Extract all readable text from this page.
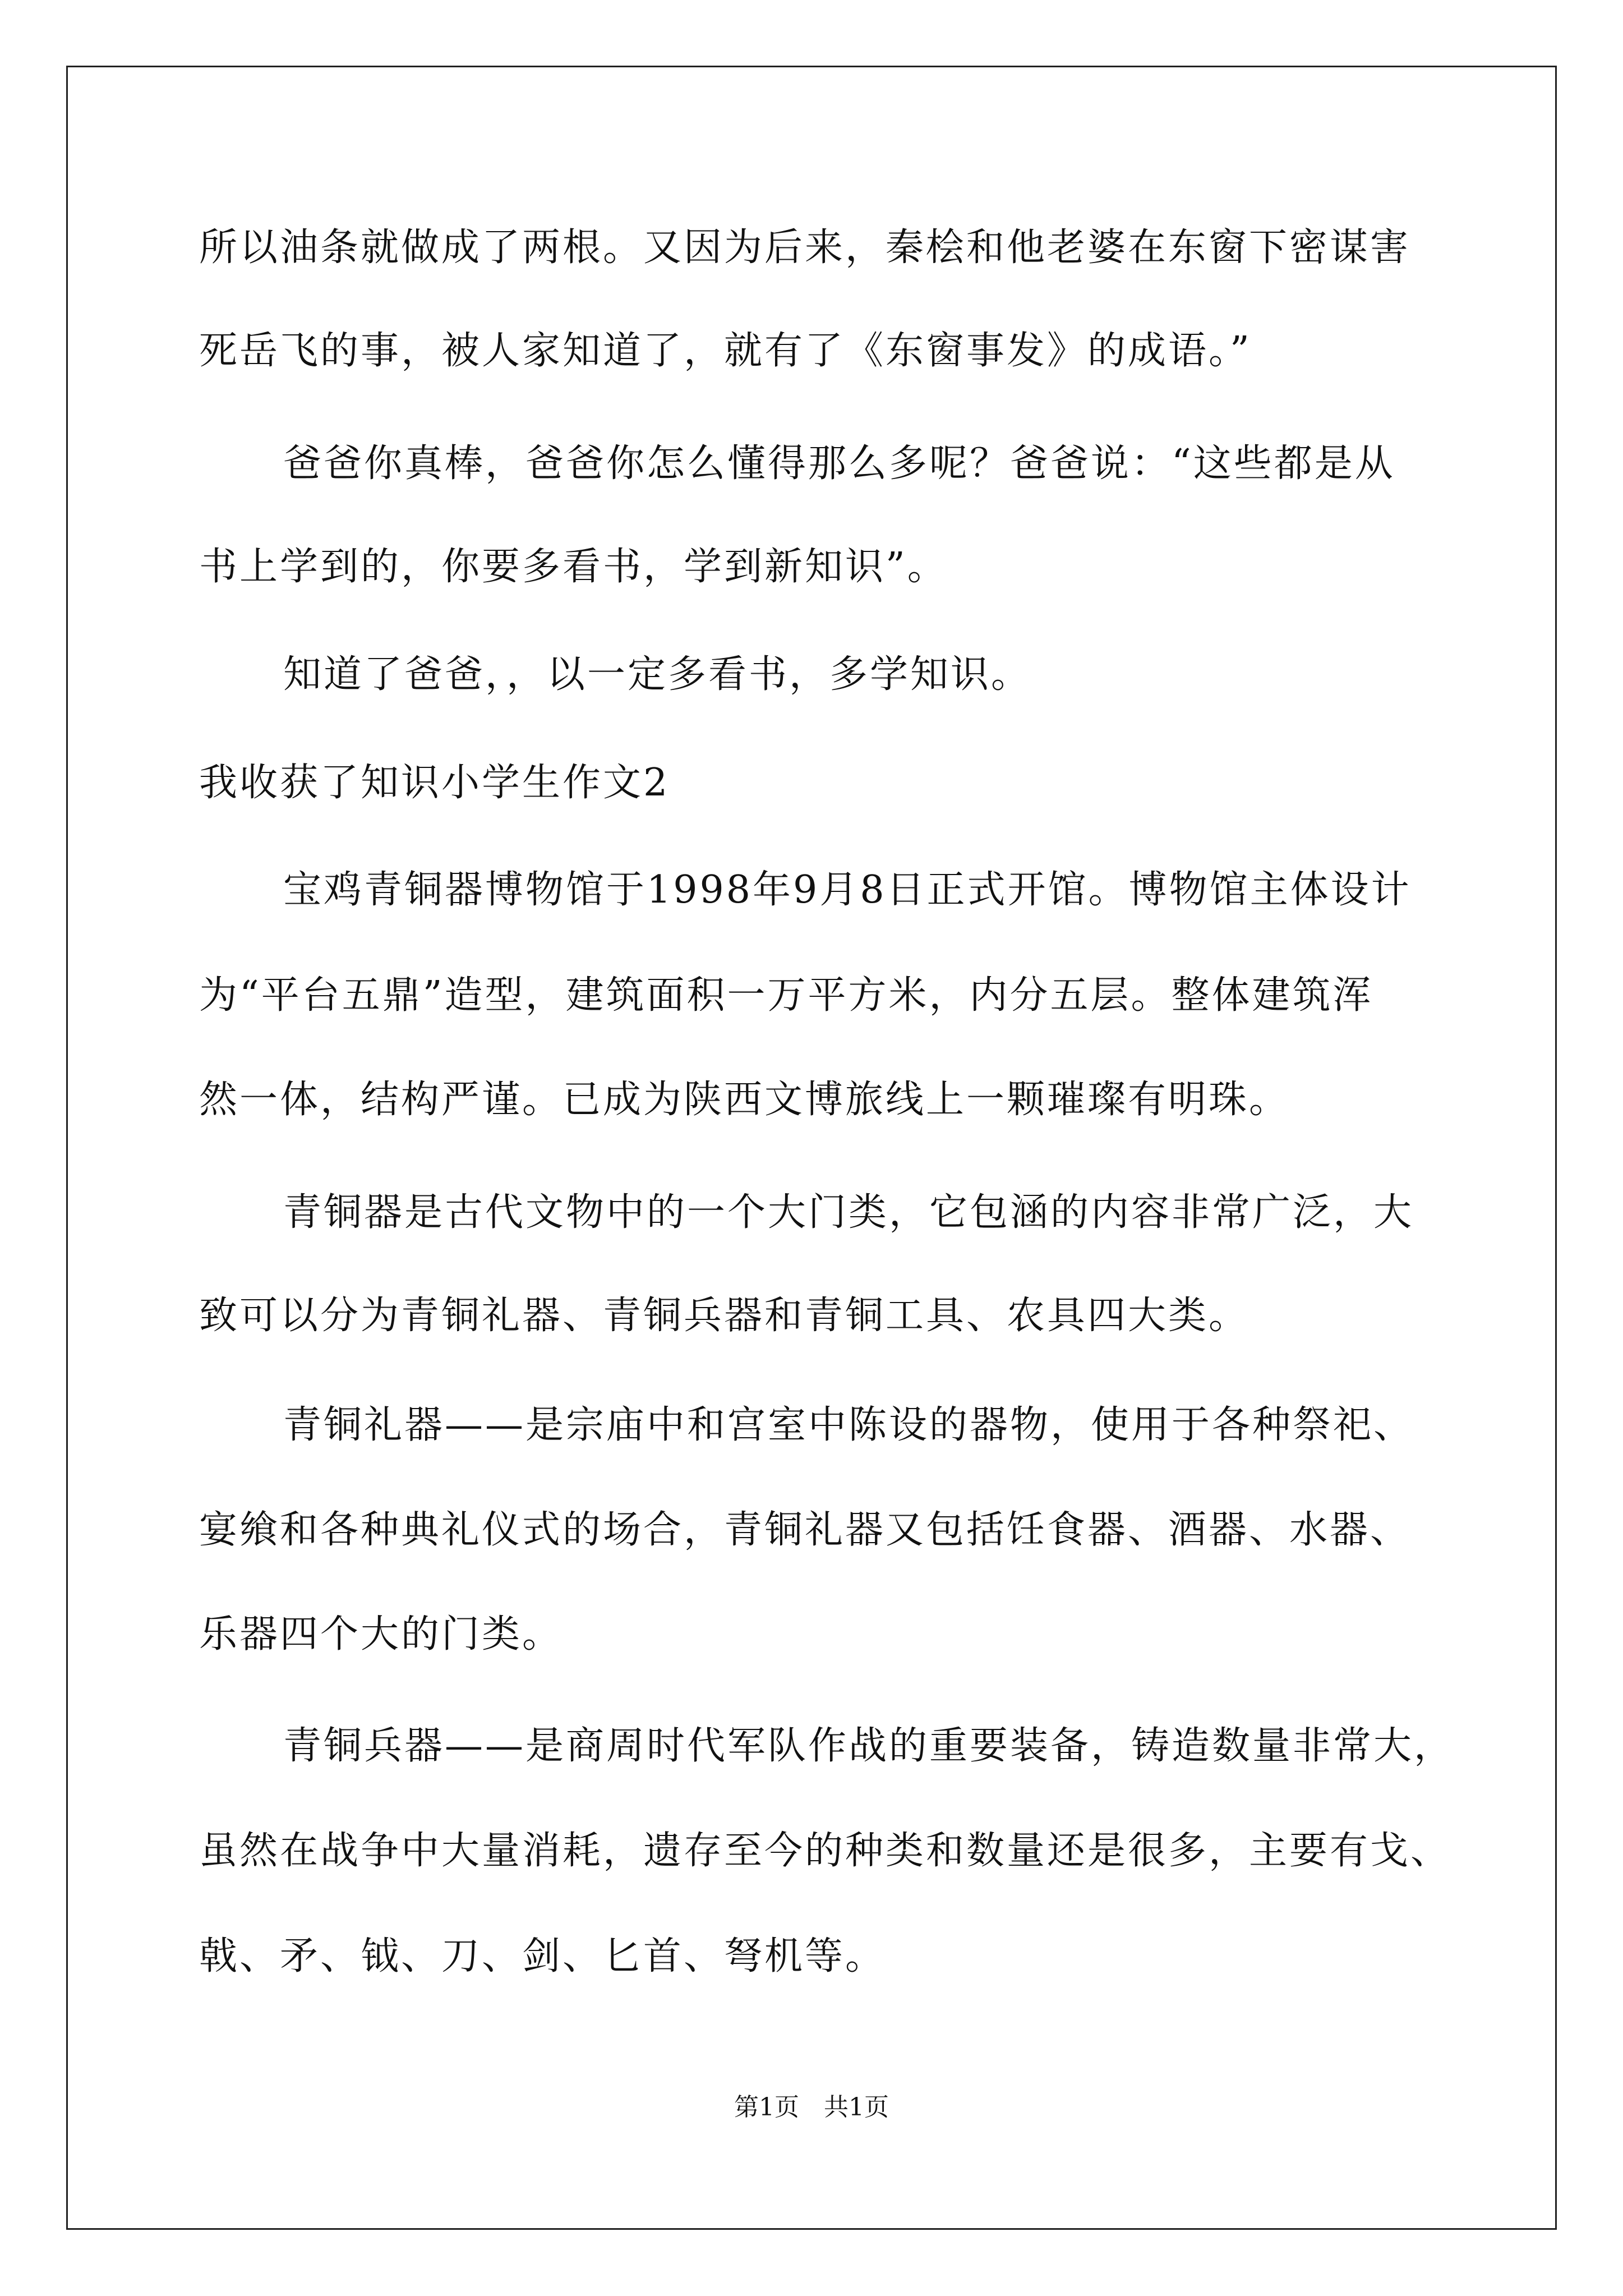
所以油条就做成了两根。又因为后来，秦桧和他老婆在东窗下密谋害
死岳飞的事，被人家知道了，就有了《东窗事发》的成语。”
爸爸你真棒，爸爸你怎么懂得那么多呢？爸爸说：“这些都是从
书上学到的，你要多看书，学到新知识”。
知道了爸爸，，以一定多看书，多学知识。
我收获了知识小学生作文2
宝鸡青铜器博物馆于1998年9月8日正式开馆。博物馆主体设计
为“平台五鼎”造型，建筑面积一万平方米，内分五层。整体建筑浑
然一体，结构严谨。已成为陕西文博旅线上一颗璀璨有明珠。
青铜器是古代文物中的一个大门类，它包涵的内容非常广泛，大
致可以分为青铜礼器、青铜兵器和青铜工具、农具四大类。
青铜礼器——是宗庙中和宫室中陈设的器物，使用于各种祭祀、
宴飨和各种典礼仪式的场合，青铜礼器又包括饪食器、酒器、水器、
乐器四个大的门类。
青铜兵器——是商周时代军队作战的重要装备，铸造数量非常大，
虽然在战争中大量消耗，遗存至今的种类和数量还是很多，主要有戈、
戟、矛、钺、刀、剑、匕首、弩机等。
第1页　共1页
